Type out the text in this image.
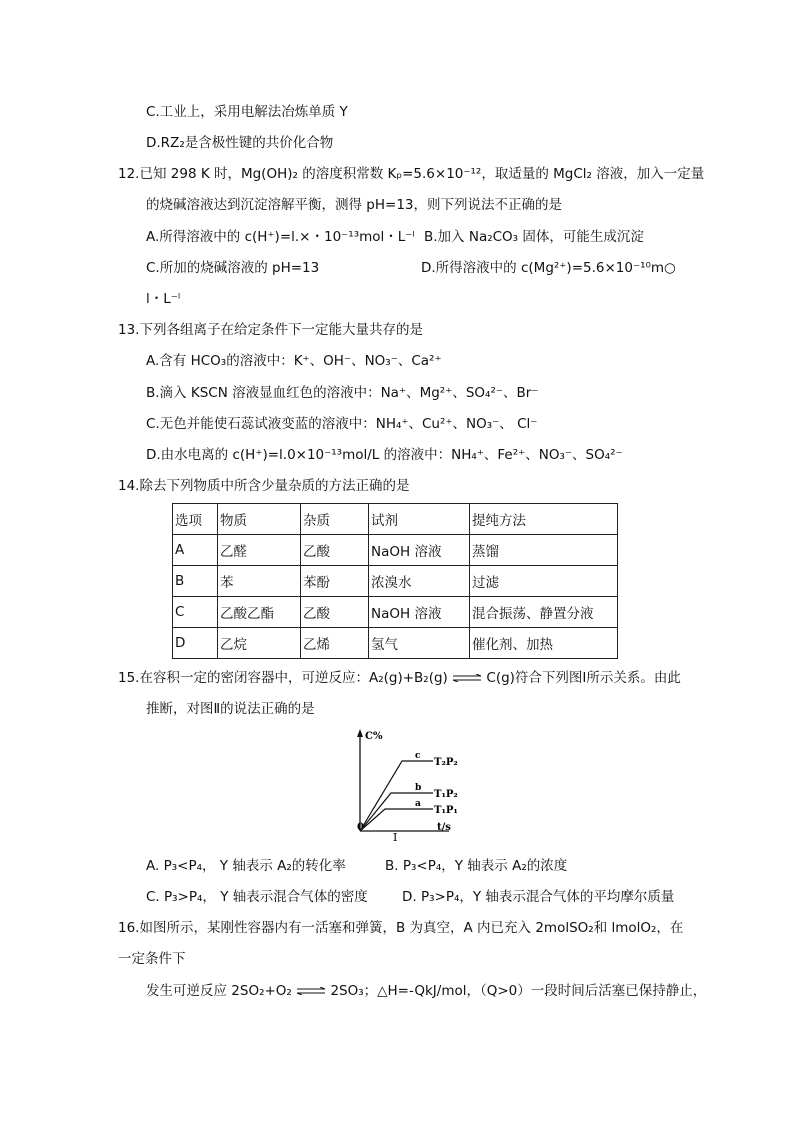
C.工业上，采用电解法冶炼单质 Y
D.RZ₂是含极性键的共价化合物
12.已知 298 K 时，Mg(OH)₂ 的溶度积常数 Kₚ=5.6×10⁻¹²，取适量的 MgCl₂ 溶液，加入一定量
的烧碱溶液达到沉淀溶解平衡，测得 pH=13，则下列说法不正确的是
A.所得溶液中的 c(H⁺)=l.×・10⁻¹³mol・L⁻ˡ B.加入 Na₂CO₃ 固体，可能生成沉淀
C.所加的烧碱溶液的 pH=13	D.所得溶液中的 c(Mg²⁺)=5.6×10⁻¹⁰m○
l・L⁻ˡ
13.下列各组离子在给定条件下一定能大量共存的是
A.含有 HCO₃的溶液中：K⁺、OH⁻、NO₃⁻、Ca²⁺
B.滴入 KSCN 溶液显血红色的溶液中：Na⁺、Mg²⁺、SO₄²⁻、Br⁻
C.无色并能使石蕊试液变蓝的溶液中：NH₄⁺、Cu²⁺、NO₃⁻、 Cl⁻
D.由水电离的 c(H⁺)=l.0×10⁻¹³mol/L 的溶液中：NH₄⁺、Fe²⁺、NO₃⁻、SO₄²⁻
14.除去下列物质中所含少量杂质的方法正确的是
选项	物质	杂质	试剂	提纯方法
A	乙醛	乙酸	NaOH 溶液	蒸馏
B	苯	苯酚	浓溴水	过滤
C	乙酸乙酯	乙酸	NaOH 溶液	混合振荡、静置分液
D	乙烷	乙烯	氢气	催化剂、加热
15.在容积一定的密闭容器中，可逆反应：A₂(g)+B₂(g) ⇌ C(g)符合下列图Ⅰ所示关系。由此
推断，对图Ⅱ的说法正确的是
C%
0	t/s
I
c
T₂P₂
b
T₁P₂
a
T₁P₁
A. P₃<P₄， Y 轴表示 A₂的转化率	B. P₃<P₄，Y 轴表示 A₂的浓度
C. P₃>P₄， Y 轴表示混合气体的密度	D. P₃>P₄，Y 轴表示混合气体的平均摩尔质量
16.如图所示，某刚性容器内有一活塞和弹簧，B 为真空，A 内已充入 2molSO₂和 lmolO₂，在
一定条件下
发生可逆反应 2SO₂+O₂ ⇌ 2SO₃；△H=-QkJ/mol，（Q>0）一段时间后活塞已保持静止，
